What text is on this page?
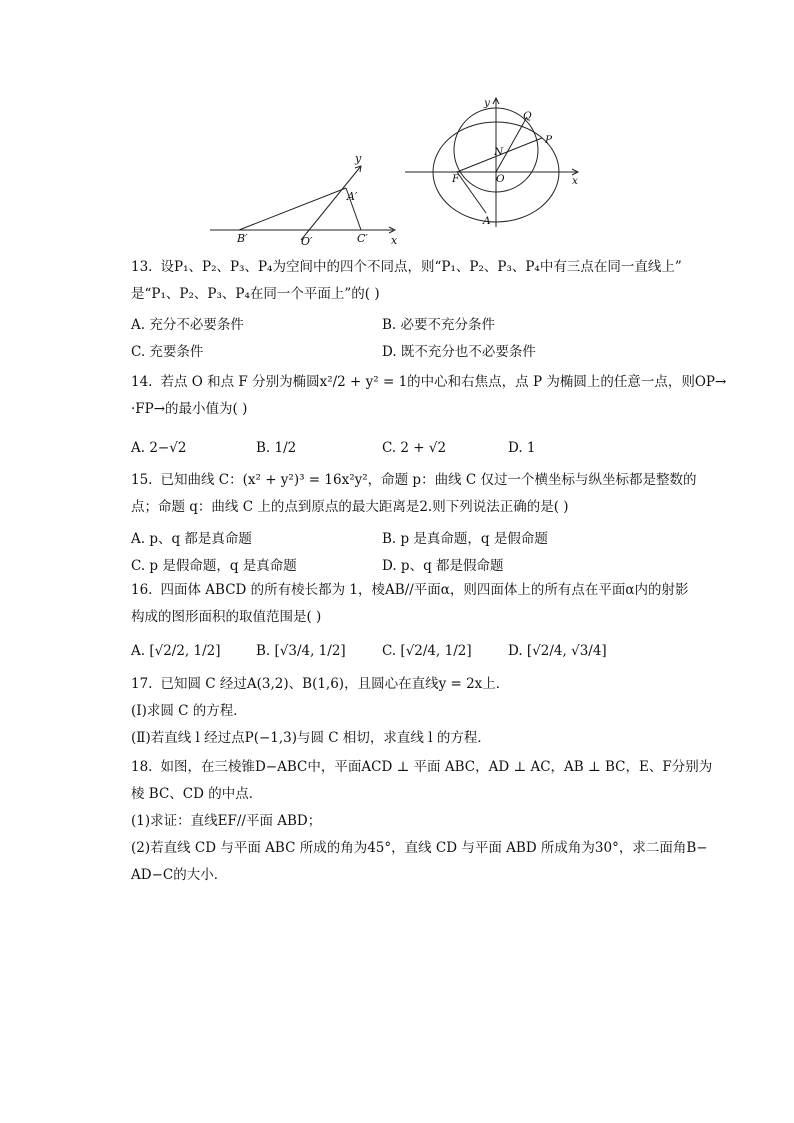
y
A′
B′	O′	C′ x
y
Q
P
N
F	O	x
A
13. 设P₁、P₂、P₃、P₄为空间中的四个不同点，则“P₁、P₂、P₃、P₄中有三点在同一直线上”
是“P₁、P₂、P₃、P₄在同一个平面上”的( )
A. 充分不必要条件	B. 必要不充分条件
C. 充要条件	D. 既不充分也不必要条件
14. 若点 O 和点 F 分别为椭圆x²/2 + y² = 1的中心和右焦点，点 P 为椭圆上的任意一点，则OP→
·FP→的最小值为( )
A. 2−√2	B. 1/2	C. 2 + √2	D. 1
15. 已知曲线 C：(x² + y²)³ = 16x²y²，命题 p：曲线 C 仅过一个横坐标与纵坐标都是整数的
点；命题 q：曲线 C 上的点到原点的最大距离是2.则下列说法正确的是( )
A. p、q 都是真命题	B. p 是真命题，q 是假命题
C. p 是假命题，q 是真命题	D. p、q 都是假命题
16. 四面体 ABCD 的所有棱长都为 1，棱AB//平面α，则四面体上的所有点在平面α内的射影
构成的图形面积的取值范围是( )
A. [√2/2, 1/2]	B. [√3/4, 1/2]	C. [√2/4, 1/2]	D. [√2/4, √3/4]
17. 已知圆 C 经过A(3,2)、B(1,6)，且圆心在直线y = 2x上．
(Ⅰ)求圆 C 的方程．
(Ⅱ)若直线 l 经过点P(−1,3)与圆 C 相切，求直线 l 的方程．
18. 如图，在三棱锥D−ABC中，平面ACD ⊥ 平面 ABC，AD ⊥ AC，AB ⊥ BC，E、F分别为
棱 BC、CD 的中点．
(1)求证：直线EF//平面 ABD；
(2)若直线 CD 与平面 ABC 所成的角为45°，直线 CD 与平面 ABD 所成角为30°，求二面角B−
AD−C的大小．
